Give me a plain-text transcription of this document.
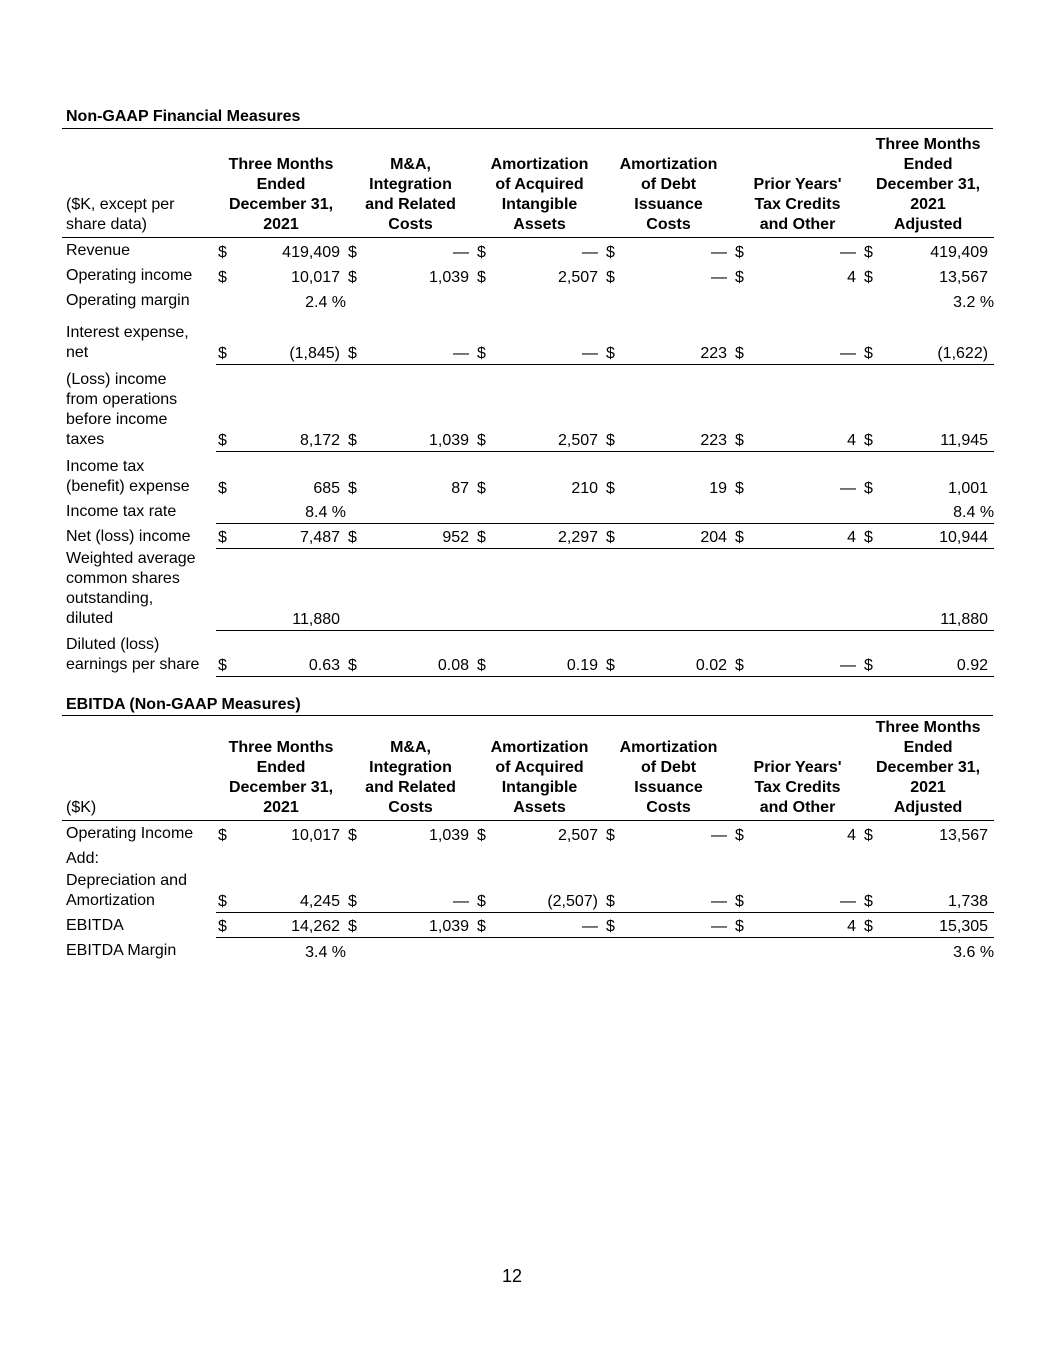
Non-GAAP Financial Measures
($K, except per
share data)	Three Months
Ended
December 31,
2021		M&A,
Integration
and Related
Costs		Amortization
of Acquired
Intangible
Assets		Amortization
of Debt
Issuance
Costs		Prior Years'
Tax Credits
and Other		Three Months
Ended
December 31,
2021
Adjusted	
Revenue	$	419,409	$	—	$	—	$	—	$	—	$	419,409
Operating income	$	10,017	$	1,039	$	2,507	$	—	$	4	$	13,567
Operating margin	2.4 %										3.2 %	
Interest expense,
net	$	(1,845)	$	—	$	—	$	223	$	—	$	(1,622)
(Loss) income
from operations
before income
taxes	$	8,172	$	1,039	$	2,507	$	223	$	4	$	11,945
Income tax
(benefit) expense	$	685	$	87	$	210	$	19	$	—	$	1,001
Income tax rate	8.4 %										8.4 %	
Net (loss) income	$	7,487	$	952	$	2,297	$	204	$	4	$	10,944
Weighted average
common shares
outstanding,
diluted	11,880										11,880	
Diluted (loss)
earnings per share	$	0.63	$	0.08	$	0.19	$	0.02	$	—	$	0.92
EBITDA (Non-GAAP Measures)
($K)	Three Months
Ended
December 31,
2021		M&A,
Integration
and Related
Costs		Amortization
of Acquired
Intangible
Assets		Amortization
of Debt
Issuance
Costs		Prior Years'
Tax Credits
and Other		Three Months
Ended
December 31,
2021
Adjusted	
Operating Income	$	10,017	$	1,039	$	2,507	$	—	$	4	$	13,567
Add:												
Depreciation and
Amortization	$	4,245	$	—	$	(2,507)	$	—	$	—	$	1,738
EBITDA	$	14,262	$	1,039	$	—	$	—	$	4	$	15,305
EBITDA Margin	3.4 %										3.6 %	
12
